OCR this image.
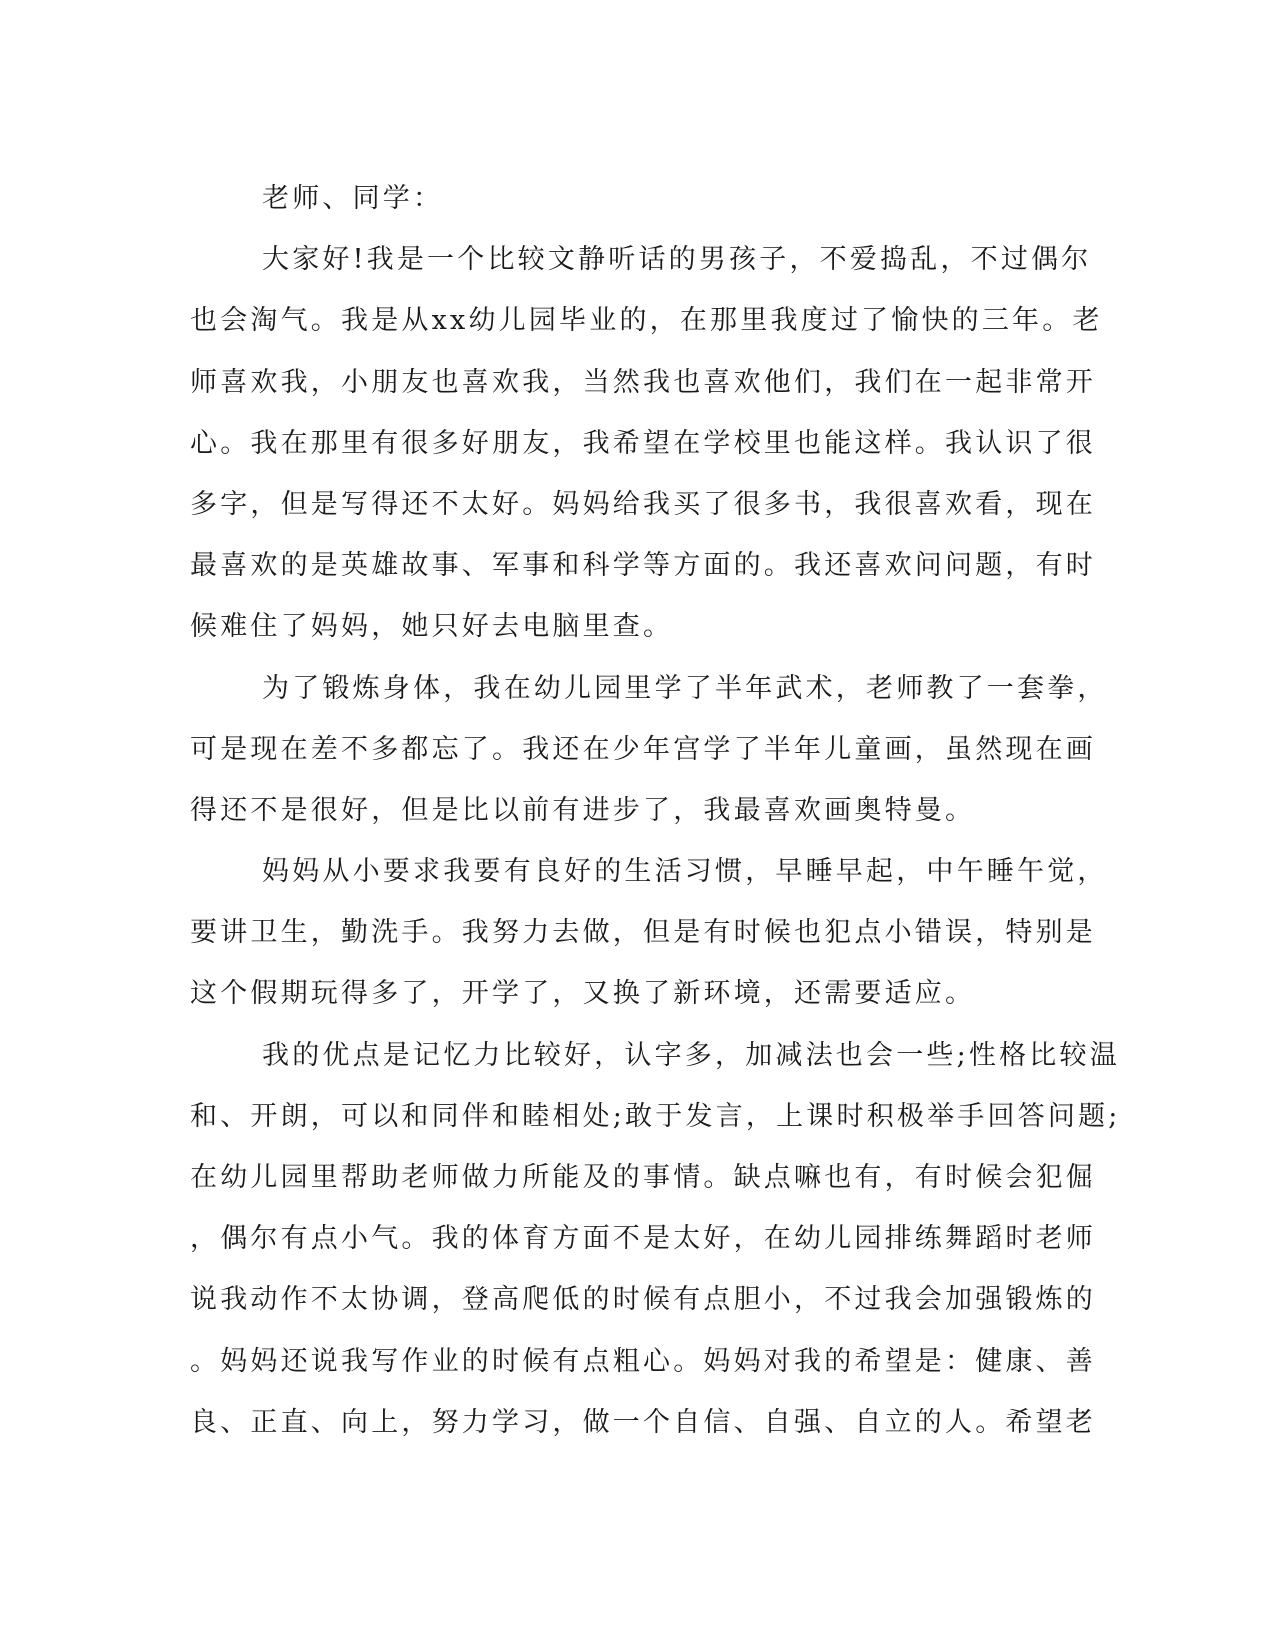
老师、同学：
大家好!我是一个比较文静听话的男孩子，不爱捣乱，不过偶尔
也会淘气。我是从xx幼儿园毕业的，在那里我度过了愉快的三年。老
师喜欢我，小朋友也喜欢我，当然我也喜欢他们，我们在一起非常开
心。我在那里有很多好朋友，我希望在学校里也能这样。我认识了很
多字，但是写得还不太好。妈妈给我买了很多书，我很喜欢看，现在
最喜欢的是英雄故事、军事和科学等方面的。我还喜欢问问题，有时
候难住了妈妈，她只好去电脑里查。
为了锻炼身体，我在幼儿园里学了半年武术，老师教了一套拳，
可是现在差不多都忘了。我还在少年宫学了半年儿童画，虽然现在画
得还不是很好，但是比以前有进步了，我最喜欢画奥特曼。
妈妈从小要求我要有良好的生活习惯，早睡早起，中午睡午觉，
要讲卫生，勤洗手。我努力去做，但是有时候也犯点小错误，特别是
这个假期玩得多了，开学了，又换了新环境，还需要适应。
我的优点是记忆力比较好，认字多，加减法也会一些;性格比较温
和、开朗，可以和同伴和睦相处;敢于发言，上课时积极举手回答问题;
在幼儿园里帮助老师做力所能及的事情。缺点嘛也有，有时候会犯倔
，偶尔有点小气。我的体育方面不是太好，在幼儿园排练舞蹈时老师
说我动作不太协调，登高爬低的时候有点胆小，不过我会加强锻炼的
。妈妈还说我写作业的时候有点粗心。妈妈对我的希望是：健康、善
良、正直、向上，努力学习，做一个自信、自强、自立的人。希望老
